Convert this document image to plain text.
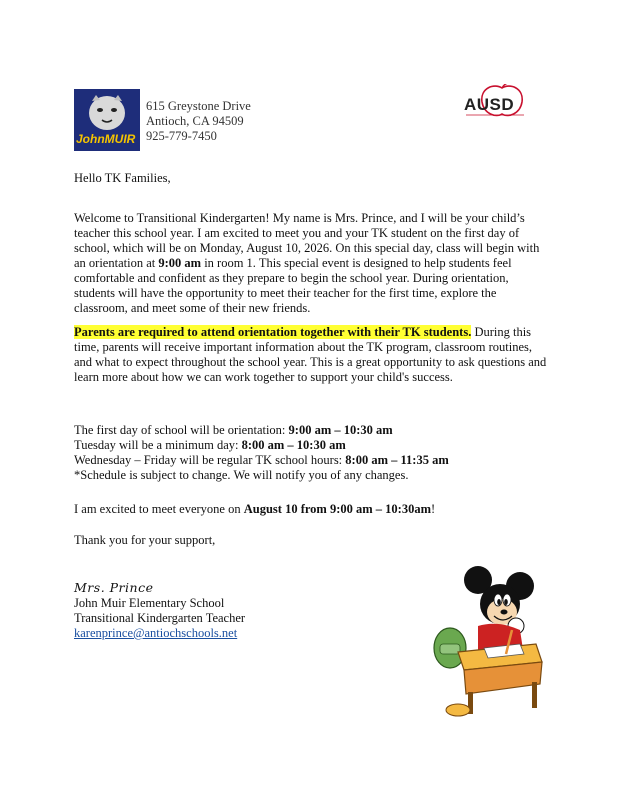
JohnMUIR
615 Greystone Drive
Antioch, CA 94509
925-779-7450
AUSD
Hello TK Families,
Welcome to Transitional Kindergarten! My name is Mrs. Prince, and I will be your child’s teacher this school year. I am excited to meet you and your TK student on the first day of school, which will be on Monday, August 10, 2026. On this special day, class will begin with an orientation at 9:00 am in room 1. This special event is designed to help students feel comfortable and confident as they prepare to begin the school year. During orientation, students will have the opportunity to meet their teacher for the first time, explore the classroom, and meet some of their new friends.
Parents are required to attend orientation together with their TK students. During this time, parents will receive important information about the TK program, classroom routines, and what to expect throughout the school year. This is a great opportunity to ask questions and learn more about how we can work together to support your child's success.
The first day of school will be orientation: 9:00 am – 10:30 am
Tuesday will be a minimum day: 8:00 am – 10:30 am
Wednesday – Friday will be regular TK school hours: 8:00 am – 11:35 am
*Schedule is subject to change. We will notify you of any changes.
I am excited to meet everyone on August 10 from 9:00 am – 10:30am!
Thank you for your support,
Mrs. Prince
John Muir Elementary School
Transitional Kindergarten Teacher
karenprince@antiochschools.net
